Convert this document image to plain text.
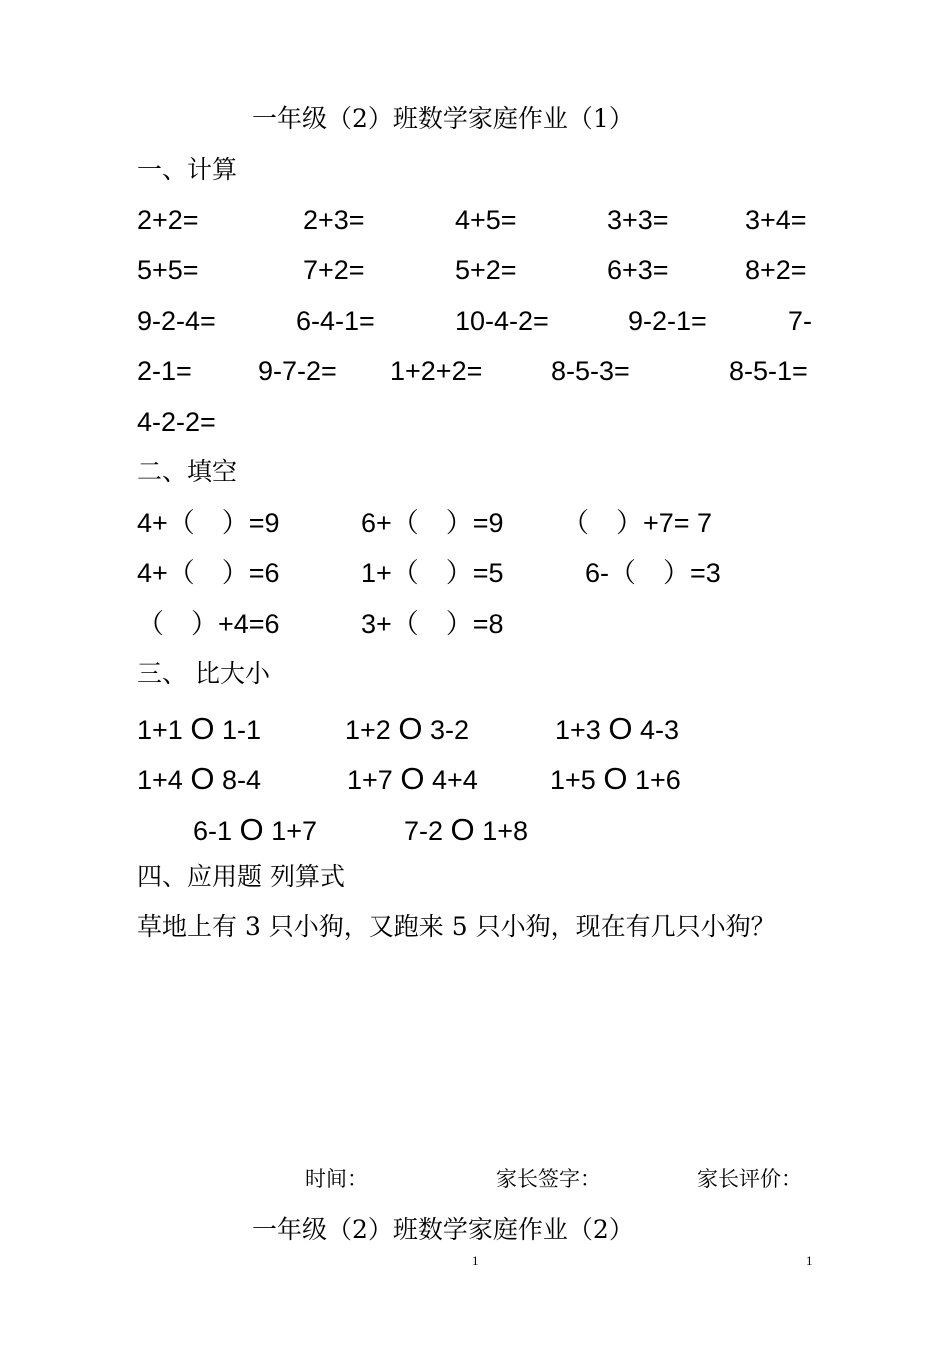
一年级（2）班数学家庭作业（1）
一、计算
2+2=	2+3=	4+5=	3+3=	3+4=
5+5=	7+2=	5+2=	6+3=	8+2=
9-2-4=	6-4-1=	10-4-2=	9-2-1=	7-
2-1= 9-7-2= 1+2+2=	8-5-3=	8-5-1=
4-2-2=
二、填空
4+（　）=9	6+（　）=9 （　）+7= 7
4+（　）=6	1+（　）=5	6-（　）=3
（　）+4=6	3+（　）=8
三、 比大小
1+1 O 1-1	1+2 O 3-2	1+3 O 4-3
1+4 O 8-4	1+7 O 4+4	1+5 O 1+6
6-1 O 1+7	7-2 O 1+8
四、应用题 列算式
草地上有 3 只小狗，又跑来 5 只小狗，现在有几只小狗？
时间：	家长签字：	家长评价：
一年级（2）班数学家庭作业（2）
1	1
